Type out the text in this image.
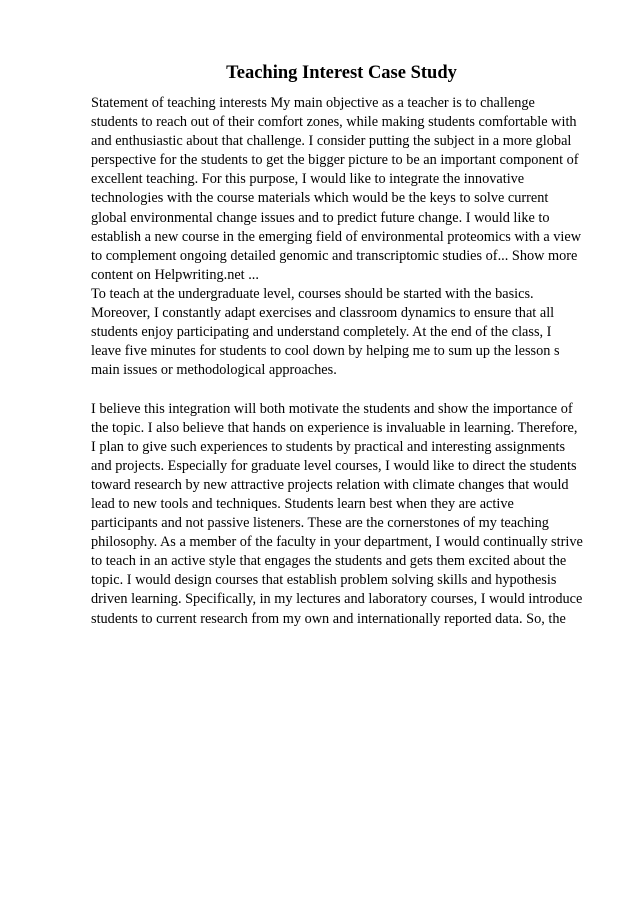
Teaching Interest Case Study
Statement of teaching interests My main objective as a teacher is to challenge
students to reach out of their comfort zones, while making students comfortable with
and enthusiastic about that challenge. I consider putting the subject in a more global
perspective for the students to get the bigger picture to be an important component of
excellent teaching. For this purpose, I would like to integrate the innovative
technologies with the course materials which would be the keys to solve current
global environmental change issues and to predict future change. I would like to
establish a new course in the emerging field of environmental proteomics with a view
to complement ongoing detailed genomic and transcriptomic studies of... Show more
content on Helpwriting.net ...
To teach at the undergraduate level, courses should be started with the basics.
Moreover, I constantly adapt exercises and classroom dynamics to ensure that all
students enjoy participating and understand completely. At the end of the class, I
leave five minutes for students to cool down by helping me to sum up the lesson s
main issues or methodological approaches.
I believe this integration will both motivate the students and show the importance of
the topic. I also believe that hands on experience is invaluable in learning. Therefore,
I plan to give such experiences to students by practical and interesting assignments
and projects. Especially for graduate level courses, I would like to direct the students
toward research by new attractive projects relation with climate changes that would
lead to new tools and techniques. Students learn best when they are active
participants and not passive listeners. These are the cornerstones of my teaching
philosophy. As a member of the faculty in your department, I would continually strive
to teach in an active style that engages the students and gets them excited about the
topic. I would design courses that establish problem solving skills and hypothesis
driven learning. Specifically, in my lectures and laboratory courses, I would introduce
students to current research from my own and internationally reported data. So, the
